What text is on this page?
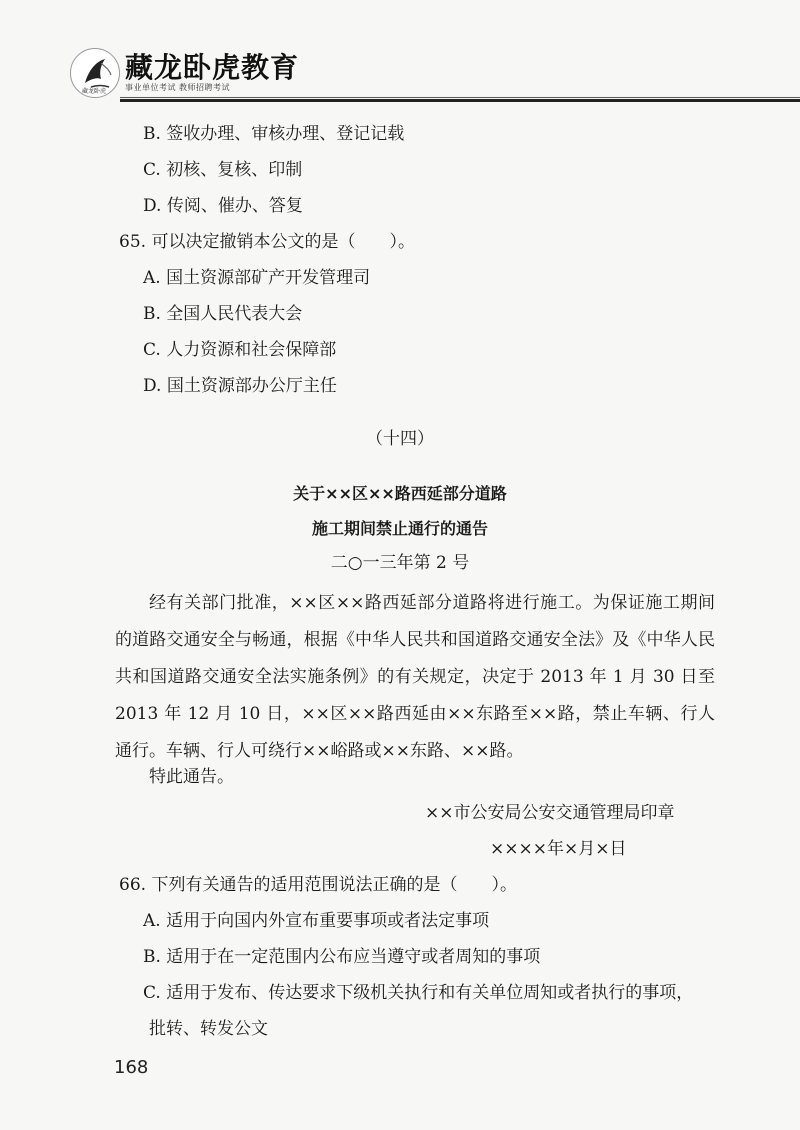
藏龙卧虎
藏龙卧虎教育
事业单位考试 教师招聘考试
B. 签收办理、审核办理、登记记载
C. 初核、复核、印制
D. 传阅、催办、答复
65. 可以决定撤销本公文的是（　　）。
A. 国土资源部矿产开发管理司
B. 全国人民代表大会
C. 人力资源和社会保障部
D. 国土资源部办公厅主任
（十四）
关于××区××路西延部分道路
施工期间禁止通行的通告
二○一三年第 2 号
经有关部门批准，××区××路西延部分道路将进行施工。为保证施工期间的道路交通安全与畅通，根据《中华人民共和国道路交通安全法》及《中华人民共和国道路交通安全法实施条例》的有关规定，决定于 2013 年 1 月 30 日至 2013 年 12 月 10 日，××区××路西延由××东路至××路，禁止车辆、行人通行。车辆、行人可绕行××峪路或××东路、××路。
特此通告。
××市公安局公安交通管理局印章
××××年×月×日
66. 下列有关通告的适用范围说法正确的是（　　）。
A. 适用于向国内外宣布重要事项或者法定事项
B. 适用于在一定范围内公布应当遵守或者周知的事项
C. 适用于发布、传达要求下级机关执行和有关单位周知或者执行的事项，
批转、转发公文
168
